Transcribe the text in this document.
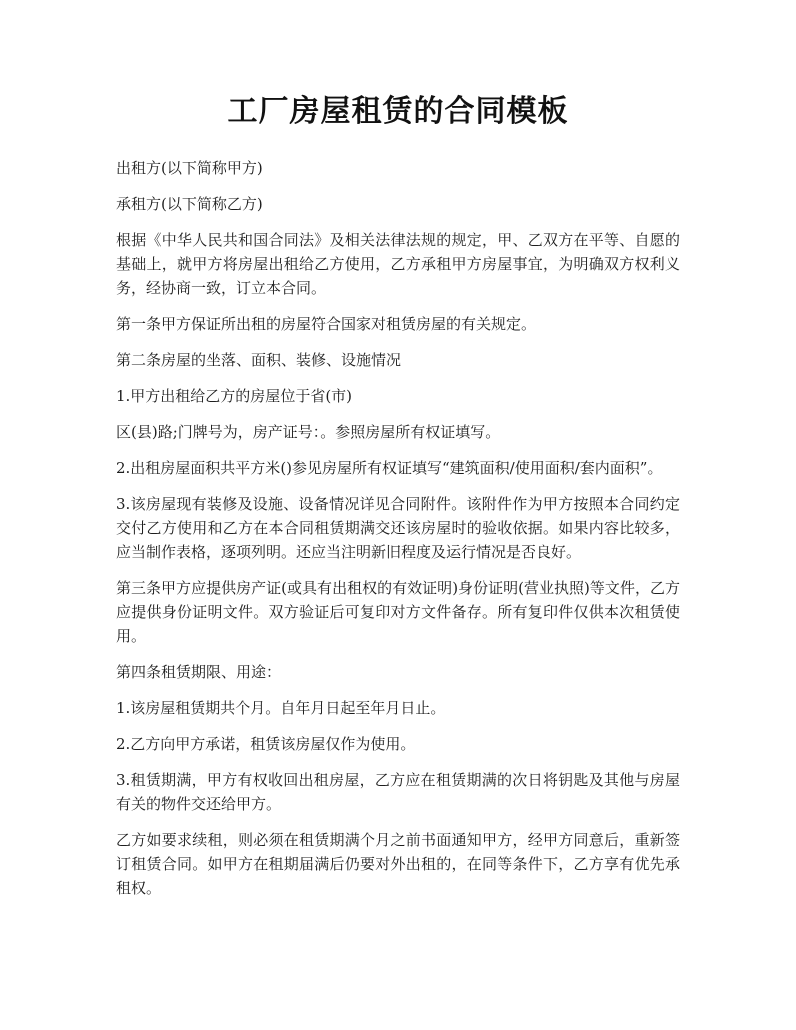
工厂房屋租赁的合同模板

出租方(以下简称甲方)

承租方(以下简称乙方)

根据《中华人民共和国合同法》及相关法律法规的规定，甲、乙双方在平等、自愿的基础上，就甲方将房屋出租给乙方使用，乙方承租甲方房屋事宜，为明确双方权利义务，经协商一致，订立本合同。

第一条甲方保证所出租的房屋符合国家对租赁房屋的有关规定。

第二条房屋的坐落、面积、装修、设施情况

1.甲方出租给乙方的房屋位于省(市)

区(县)路;门牌号为，房产证号：。参照房屋所有权证填写。

2.出租房屋面积共平方米()参见房屋所有权证填写“建筑面积/使用面积/套内面积”。

3.该房屋现有装修及设施、设备情况详见合同附件。该附件作为甲方按照本合同约定交付乙方使用和乙方在本合同租赁期满交还该房屋时的验收依据。如果内容比较多，应当制作表格，逐项列明。还应当注明新旧程度及运行情况是否良好。

第三条甲方应提供房产证(或具有出租权的有效证明)身份证明(营业执照)等文件，乙方应提供身份证明文件。双方验证后可复印对方文件备存。所有复印件仅供本次租赁使用。

第四条租赁期限、用途：

1.该房屋租赁期共个月。自年月日起至年月日止。

2.乙方向甲方承诺，租赁该房屋仅作为使用。

3.租赁期满，甲方有权收回出租房屋，乙方应在租赁期满的次日将钥匙及其他与房屋有关的物件交还给甲方。

乙方如要求续租，则必须在租赁期满个月之前书面通知甲方，经甲方同意后，重新签订租赁合同。如甲方在租期届满后仍要对外出租的，在同等条件下，乙方享有优先承租权。
